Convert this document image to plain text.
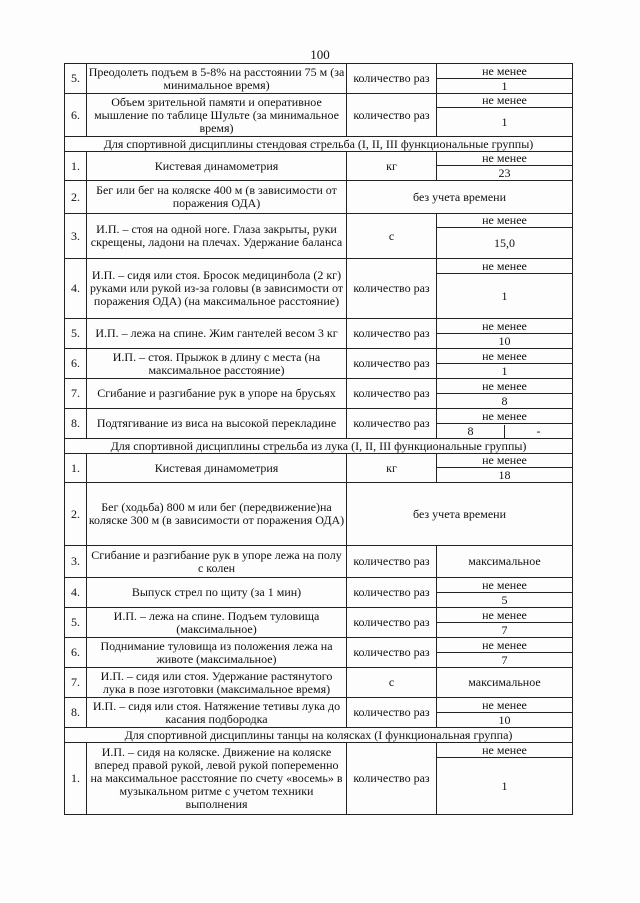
100
5.	Преодолеть подъем в 5-8% на расстоянии 75 м (за минимальное время)	количество раз	не менее
			1
6.	Объем зрительной памяти и оперативное мышление по таблице Шульте (за минимальное время)	количество раз	не менее
			1
Для спортивной дисциплины стендовая стрельба (I, II, III функциональные группы)			
1.	Кистевая динамометрия	кг	не менее
			23
2.	Бег или бег на коляске 400 м (в зависимости от поражения ОДА)	без учета времени	
3.	И.П. – стоя на одной ноге. Глаза закрыты, руки скрещены, ладони на плечах. Удержание баланса	с	не менее
			15,0
4.	И.П. – сидя или стоя. Бросок медицинбола (2 кг) руками или рукой из-за головы (в зависимости от поражения ОДА) (на максимальное расстояние)	количество раз	не менее
			1
5.	И.П. – лежа на спине. Жим гантелей весом 3 кг	количество раз	не менее
			10
6.	И.П. – стоя. Прыжок в длину с места (на максимальное расстояние)	количество раз	не менее
			1
7.	Сгибание и разгибание рук в упоре на брусьях	количество раз	не менее
			8
8.	Подтягивание из виса на высокой перекладине	количество раз	не менее

			8 -

Для спортивной дисциплины стрельба из лука (I, II, III функциональные группы)			
1.	Кистевая динамометрия	кг	не менее
			18
2.	Бег (ходьба) 800 м или бег (передвижение)на коляске 300 м (в зависимости от поражения ОДА)	без учета времени	
3.	Сгибание и разгибание рук в упоре лежа на полу с колен	количество раз	максимальное
4.	Выпуск стрел по щиту (за 1 мин)	количество раз	не менее
			5
5.	И.П. – лежа на спине. Подъем туловища (максимальное)	количество раз	не менее
			7
6.	Поднимание туловища из положения лежа на животе (максимальное)	количество раз	не менее
			7
7.	И.П. – сидя или стоя. Удержание растянутого лука в позе изготовки (максимальное время)	с	максимальное
8.	И.П. – сидя или стоя. Натяжение тетивы лука до касания подбородка	количество раз	не менее
			10
Для спортивной дисциплины танцы на колясках (I функциональная группа)			
1.	И.П. – сидя на коляске. Движение на коляске вперед правой рукой, левой рукой попеременно на максимальное расстояние по счету «восемь» в музыкальном ритме с учетом техники выполнения	количество раз	не менее
			1
